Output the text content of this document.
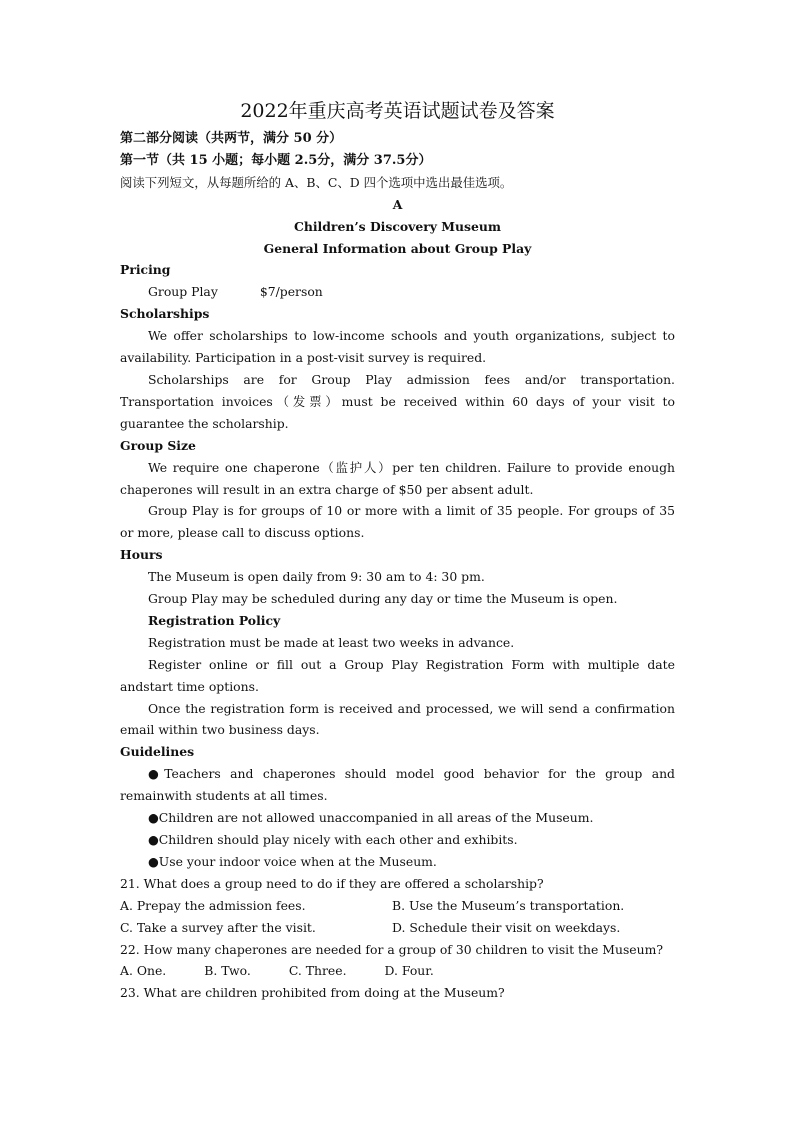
2022年重庆高考英语试题试卷及答案
第二部分阅读（共两节，满分 50 分）
第一节（共 15 小题；每小题 2.5分，满分 37.5分）
阅读下列短文，从每题所给的 A、B、C、D 四个选项中选出最佳选项。
A
Children’s Discovery Museum
General Information about Group Play
Pricing
Group Play	$7/person
Scholarships
We offer scholarships to low-income schools and youth organizations, subject to availability. Participation in a post-visit survey is required.
Scholarships are for Group Play admission fees and/or transportation. Transportation invoices（发票）must be received within 60 days of your visit to guarantee the scholarship.
Group Size
We require one chaperone（监护人）per ten children. Failure to provide enough chaperones will result in an extra charge of $50 per absent adult.
Group Play is for groups of 10 or more with a limit of 35 people. For groups of 35 or more, please call to discuss options.
Hours
The Museum is open daily from 9: 30 am to 4: 30 pm.
Group Play may be scheduled during any day or time the Museum is open.
Registration Policy
Registration must be made at least two weeks in advance.
Register online or fill out a Group Play Registration Form with multiple date andstart time options.
Once the registration form is received and processed, we will send a confirmation email within two business days.
Guidelines
●Teachers and chaperones should model good behavior for the group and remainwith students at all times.
●Children are not allowed unaccompanied in all areas of the Museum.
●Children should play nicely with each other and exhibits.
●Use your indoor voice when at the Museum.
21. What does a group need to do if they are offered a scholarship?
A. Prepay the admission fees.	B. Use the Museum’s transportation.
C. Take a survey after the visit.	D. Schedule their visit on weekdays.
22. How many chaperones are needed for a group of 30 children to visit the Museum?
A. One.	B. Two.	C. Three.	D. Four.
23. What are children prohibited from doing at the Museum?
